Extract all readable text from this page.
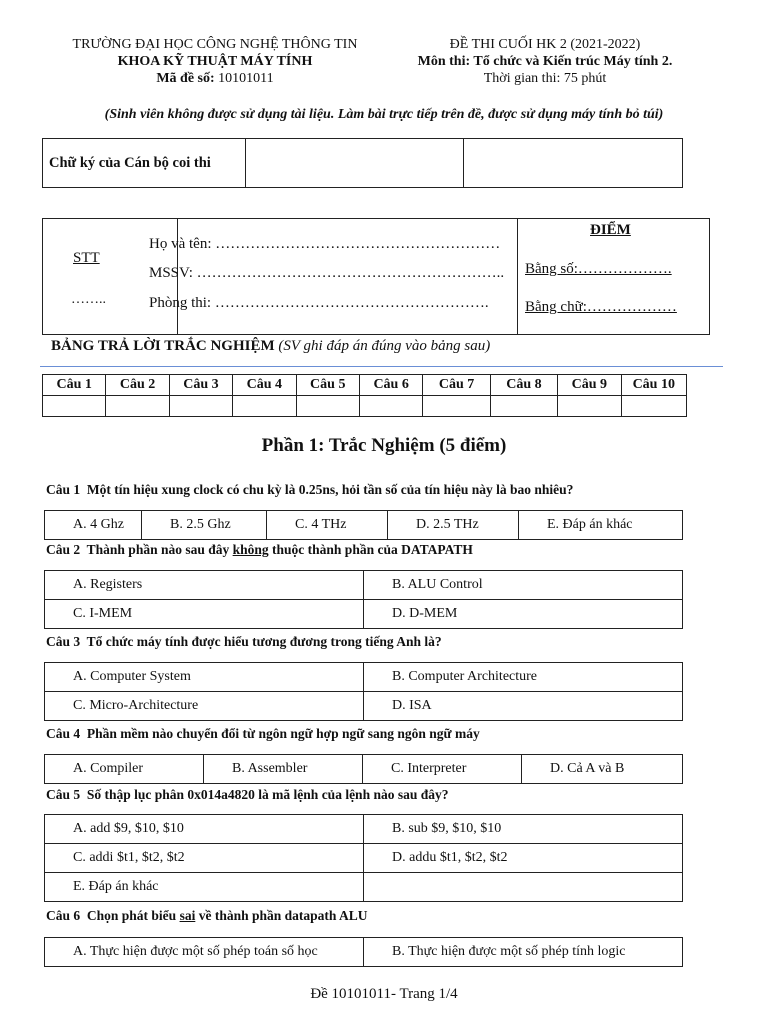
TRƯỜNG ĐẠI HỌC CÔNG NGHỆ THÔNG TIN
KHOA KỸ THUẬT MÁY TÍNH
Mã đề số: 10101011
ĐỀ THI CUỐI HK 2 (2021-2022)
Môn thi: Tổ chức và Kiến trúc Máy tính 2.
Thời gian thi: 75 phút
(Sinh viên không được sử dụng tài liệu. Làm bài trực tiếp trên đề, được sử dụng máy tính bỏ túi)
Chữ ký của Cán bộ coi thi		
STT
……..
Họ và tên: …………………………………………………
MSSV: ……………………………………………………..
Phòng thi: ……………………………………………….
ĐIỂM
Bằng số:……………….
Bằng chữ:………………
BẢNG TRẢ LỜI TRẮC NGHIỆM (SV ghi đáp án đúng vào bảng sau)
Câu 1	Câu 2	Câu 3	Câu 4	Câu 5	Câu 6	Câu 7	Câu 8	Câu 9	Câu 10

Phần 1: Trắc Nghiệm (5 điểm)
Câu 1 Một tín hiệu xung clock có chu kỳ là 0.25ns, hỏi tần số của tín hiệu này là bao nhiêu?
A. 4 Ghz	B. 2.5 Ghz	C. 4 THz	D. 2.5 THz	E. Đáp án khác
Câu 2 Thành phần nào sau đây không thuộc thành phần của DATAPATH
A. Registers	B. ALU Control
C. I-MEM	D. D-MEM
Câu 3 Tổ chức máy tính được hiểu tương đương trong tiếng Anh là?
A. Computer System	B. Computer Architecture
C. Micro-Architecture	D. ISA
Câu 4 Phần mềm nào chuyển đổi từ ngôn ngữ hợp ngữ sang ngôn ngữ máy
A. Compiler	B. Assembler	C. Interpreter	D. Cả A và B
Câu 5 Số thập lục phân 0x014a4820 là mã lệnh của lệnh nào sau đây?
A. add $9, $10, $10	B. sub $9, $10, $10
C. addi $t1, $t2, $t2	D. addu $t1, $t2, $t2
E. Đáp án khác	
Câu 6 Chọn phát biểu sai về thành phần datapath ALU
A. Thực hiện được một số phép toán số học	B. Thực hiện được một số phép tính logic
Đề 10101011- Trang 1/4
